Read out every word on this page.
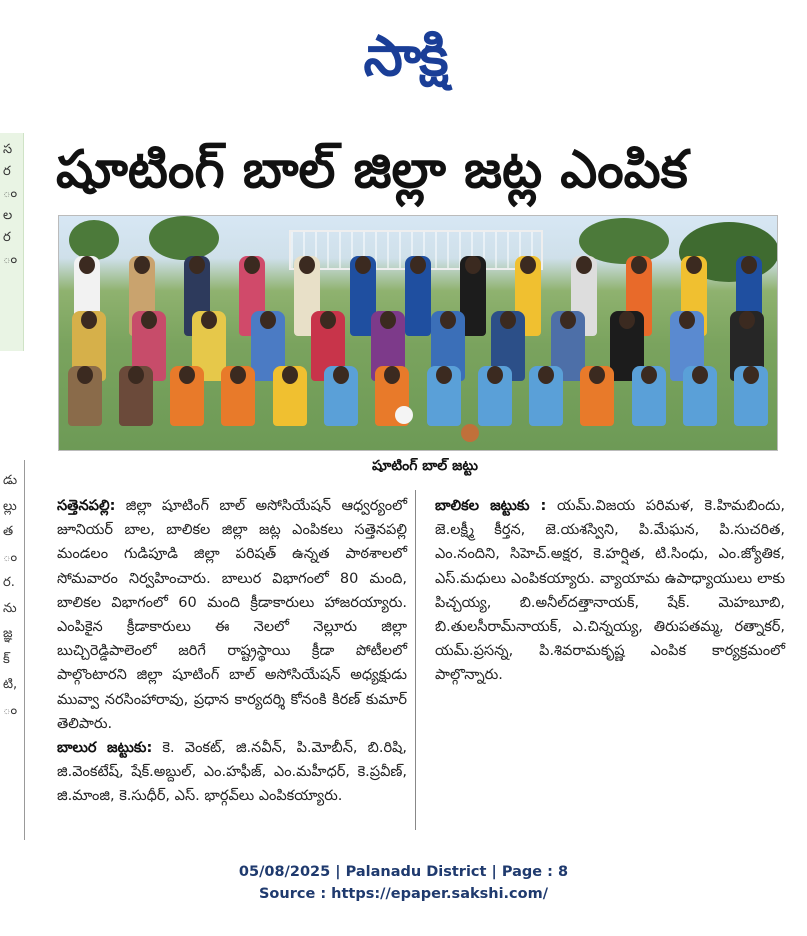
సాక్షి
స
ర
ం
ల
ర
ం
డు
ల్లు
త
ం
ర.
ను
జ్ఞ
క్
టి,
ం
షూటింగ్ బాల్ జిల్లా జట్ల ఎంపిక
షూటింగ్ బాల్ జట్టు

సత్తెనపల్లి: జిల్లా షూటింగ్ బాల్ అసోసియేషన్ ఆధ్వర్యంలో జూనియర్ బాల, బాలికల జిల్లా జట్ల ఎంపికలు సత్తెనపల్లి మండలం గుడిపూడి జిల్లా పరిషత్ ఉన్నత పాఠశాలలో సోమవారం నిర్వహించారు. బాలుర విభాగంలో 80 మంది, బాలికల విభాగంలో 60 మంది క్రీడాకారులు హాజరయ్యారు. ఎంపికైన క్రీడాకారులు ఈ నెలలో నెల్లూరు జిల్లా బుచ్చిరెడ్డిపాలెంలో జరిగే రాష్ట్రస్థాయి క్రీడా పోటీలలో పాల్గొంటారని జిల్లా షూటింగ్ బాల్ అసోసియేషన్ అధ్యక్షుడు మువ్వా నరసింహారావు, ప్రధాన కార్యదర్శి కోనంకి కిరణ్ కుమార్ తెలిపారు.

బాలుర జట్టుకు: కె. వెంకట్, జి.నవీన్, పి.మోబీన్, బి.రిషి, జి.వెంకటేష్, షేక్.అబ్దుల్, ఎం.హఫీజ్, ఎం.మహీధర్, కె.ప్రవీణ్, జి.మాంజి, కె.సుధీర్, ఎస్. భార్గవ్‌లు ఎంపికయ్యారు.

బాలికల జట్టుకు : యమ్.విజయ పరిమళ, కె.హిమబిందు, జె.లక్ష్మీ కీర్తన, జె.యశస్విని, పి.మేఘన, పి.సుచరిత, ఎం.నందిని, సిహెచ్.అక్షర, కె.హర్షిత, టి.సింధు, ఎం.జ్యోతిక, ఎస్.మధులు ఎంపికయ్యారు. వ్యాయామ ఉపాధ్యాయులు లాకు పిచ్చయ్య, బి.అనీల్‌దత్తానాయక్, షేక్. మెహబూబి, బి.తులసీరామ్‌నాయక్, ఎ.చిన్నయ్య, తిరుపతమ్మ, రత్నాకర్, యమ్.ప్రసన్న, పి.శివరామకృష్ణ ఎంపిక కార్యక్రమంలో పాల్గొన్నారు.

05/08/2025 | Palanadu District | Page : 8
Source : https://epaper.sakshi.com/
